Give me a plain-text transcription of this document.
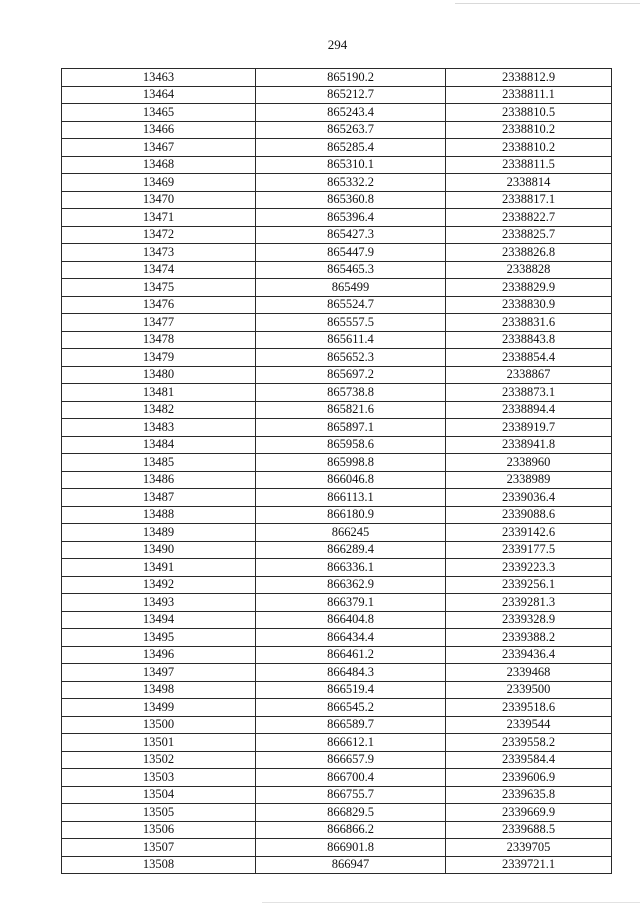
294
13463	865190.2	2338812.9
13464	865212.7	2338811.1
13465	865243.4	2338810.5
13466	865263.7	2338810.2
13467	865285.4	2338810.2
13468	865310.1	2338811.5
13469	865332.2	2338814
13470	865360.8	2338817.1
13471	865396.4	2338822.7
13472	865427.3	2338825.7
13473	865447.9	2338826.8
13474	865465.3	2338828
13475	865499	2338829.9
13476	865524.7	2338830.9
13477	865557.5	2338831.6
13478	865611.4	2338843.8
13479	865652.3	2338854.4
13480	865697.2	2338867
13481	865738.8	2338873.1
13482	865821.6	2338894.4
13483	865897.1	2338919.7
13484	865958.6	2338941.8
13485	865998.8	2338960
13486	866046.8	2338989
13487	866113.1	2339036.4
13488	866180.9	2339088.6
13489	866245	2339142.6
13490	866289.4	2339177.5
13491	866336.1	2339223.3
13492	866362.9	2339256.1
13493	866379.1	2339281.3
13494	866404.8	2339328.9
13495	866434.4	2339388.2
13496	866461.2	2339436.4
13497	866484.3	2339468
13498	866519.4	2339500
13499	866545.2	2339518.6
13500	866589.7	2339544
13501	866612.1	2339558.2
13502	866657.9	2339584.4
13503	866700.4	2339606.9
13504	866755.7	2339635.8
13505	866829.5	2339669.9
13506	866866.2	2339688.5
13507	866901.8	2339705
13508	866947	2339721.1
